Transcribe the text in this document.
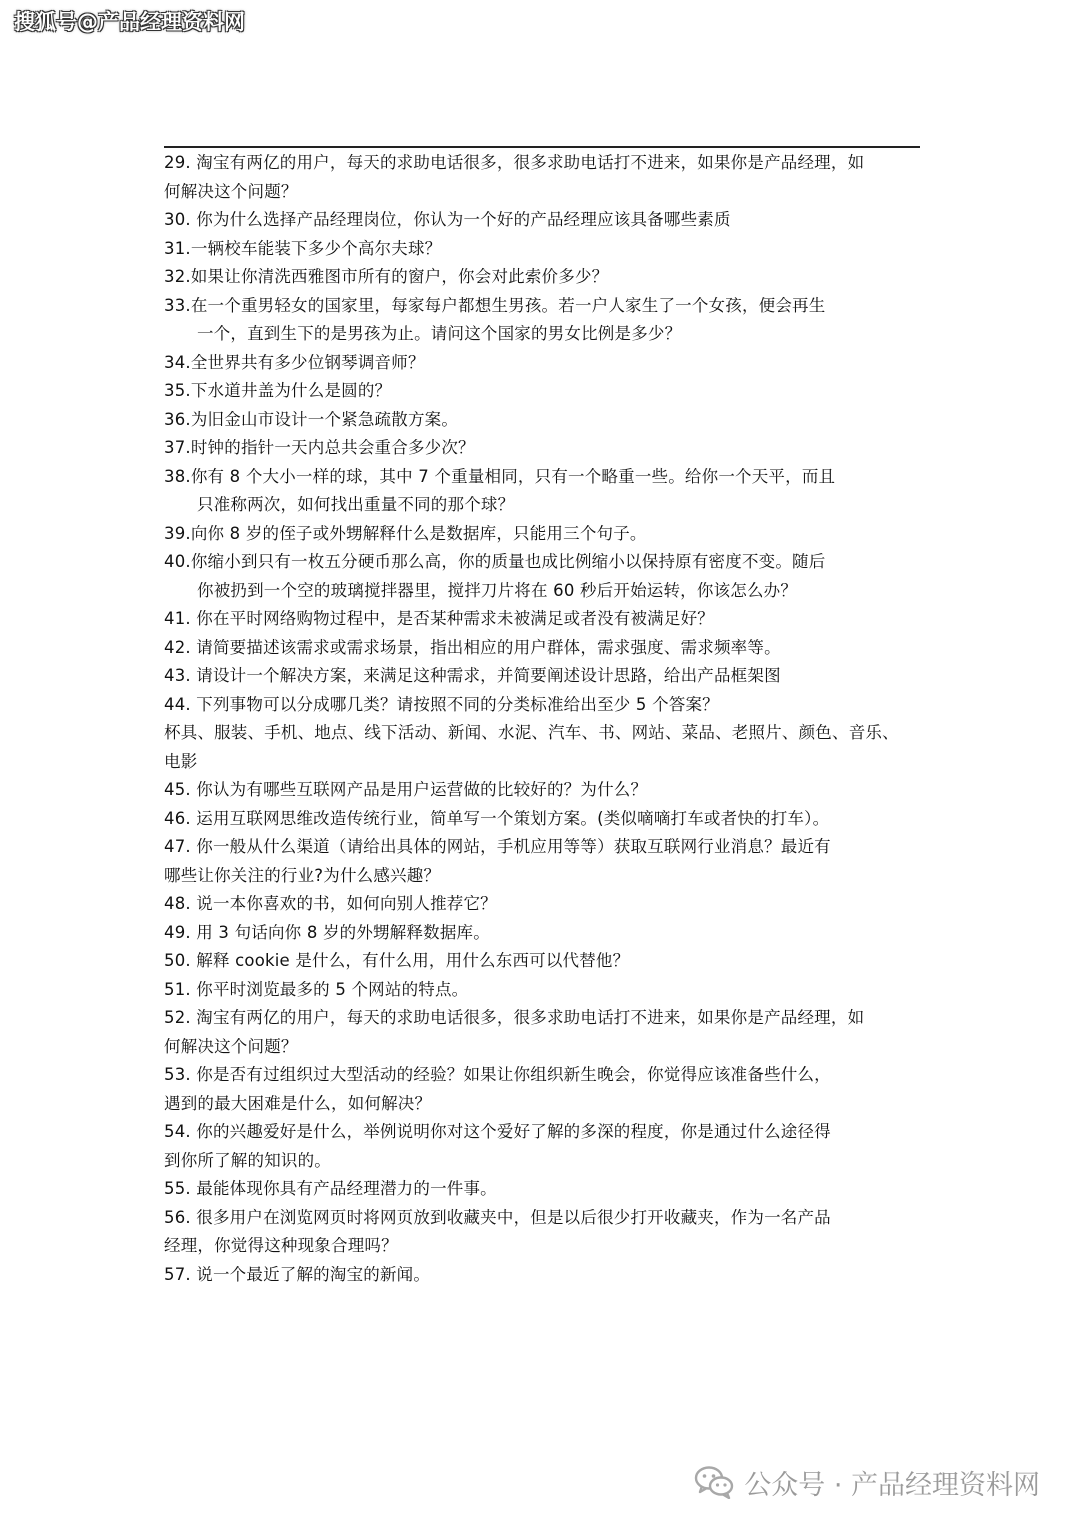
搜狐号@产品经理资料网
29. 淘宝有两亿的用户，每天的求助电话很多，很多求助电话打不进来，如果你是产品经理，如
何解决这个问题？
30. 你为什么选择产品经理岗位，你认为一个好的产品经理应该具备哪些素质
31.一辆校车能装下多少个高尔夫球？
32.如果让你清洗西雅图市所有的窗户，你会对此索价多少？
33.在一个重男轻女的国家里，每家每户都想生男孩。若一户人家生了一个女孩，便会再生
一个，直到生下的是男孩为止。请问这个国家的男女比例是多少？
34.全世界共有多少位钢琴调音师？
35.下水道井盖为什么是圆的？
36.为旧金山市设计一个紧急疏散方案。
37.时钟的指针一天内总共会重合多少次？
38.你有 8 个大小一样的球，其中 7 个重量相同，只有一个略重一些。给你一个天平，而且
只准称两次，如何找出重量不同的那个球？
39.向你 8 岁的侄子或外甥解释什么是数据库，只能用三个句子。
40.你缩小到只有一枚五分硬币那么高，你的质量也成比例缩小以保持原有密度不变。随后
你被扔到一个空的玻璃搅拌器里，搅拌刀片将在 60 秒后开始运转，你该怎么办？
41. 你在平时网络购物过程中，是否某种需求未被满足或者没有被满足好？
42. 请简要描述该需求或需求场景，指出相应的用户群体，需求强度、需求频率等。
43. 请设计一个解决方案，来满足这种需求，并简要阐述设计思路，给出产品框架图
44. 下列事物可以分成哪几类？请按照不同的分类标准给出至少 5 个答案？
杯具、服装、手机、地点、线下活动、新闻、水泥、汽车、书、网站、菜品、老照片、颜色、音乐、
电影
45. 你认为有哪些互联网产品是用户运营做的比较好的？为什么？
46. 运用互联网思维改造传统行业，简单写一个策划方案。(类似嘀嘀打车或者快的打车）。
47. 你一般从什么渠道（请给出具体的网站，手机应用等等）获取互联网行业消息？最近有
哪些让你关注的行业?为什么感兴趣？
48. 说一本你喜欢的书，如何向别人推荐它？
49. 用 3 句话向你 8 岁的外甥解释数据库。
50. 解释 cookie 是什么，有什么用，用什么东西可以代替他？
51. 你平时浏览最多的 5 个网站的特点。
52. 淘宝有两亿的用户，每天的求助电话很多，很多求助电话打不进来，如果你是产品经理，如
何解决这个问题？
53. 你是否有过组织过大型活动的经验？如果让你组织新生晚会，你觉得应该准备些什么，
遇到的最大困难是什么，如何解决？
54. 你的兴趣爱好是什么，举例说明你对这个爱好了解的多深的程度，你是通过什么途径得
到你所了解的知识的。
55. 最能体现你具有产品经理潜力的一件事。
56. 很多用户在浏览网页时将网页放到收藏夹中，但是以后很少打开收藏夹，作为一名产品
经理，你觉得这种现象合理吗？
57. 说一个最近了解的淘宝的新闻。
公众号 · 产品经理资料网
